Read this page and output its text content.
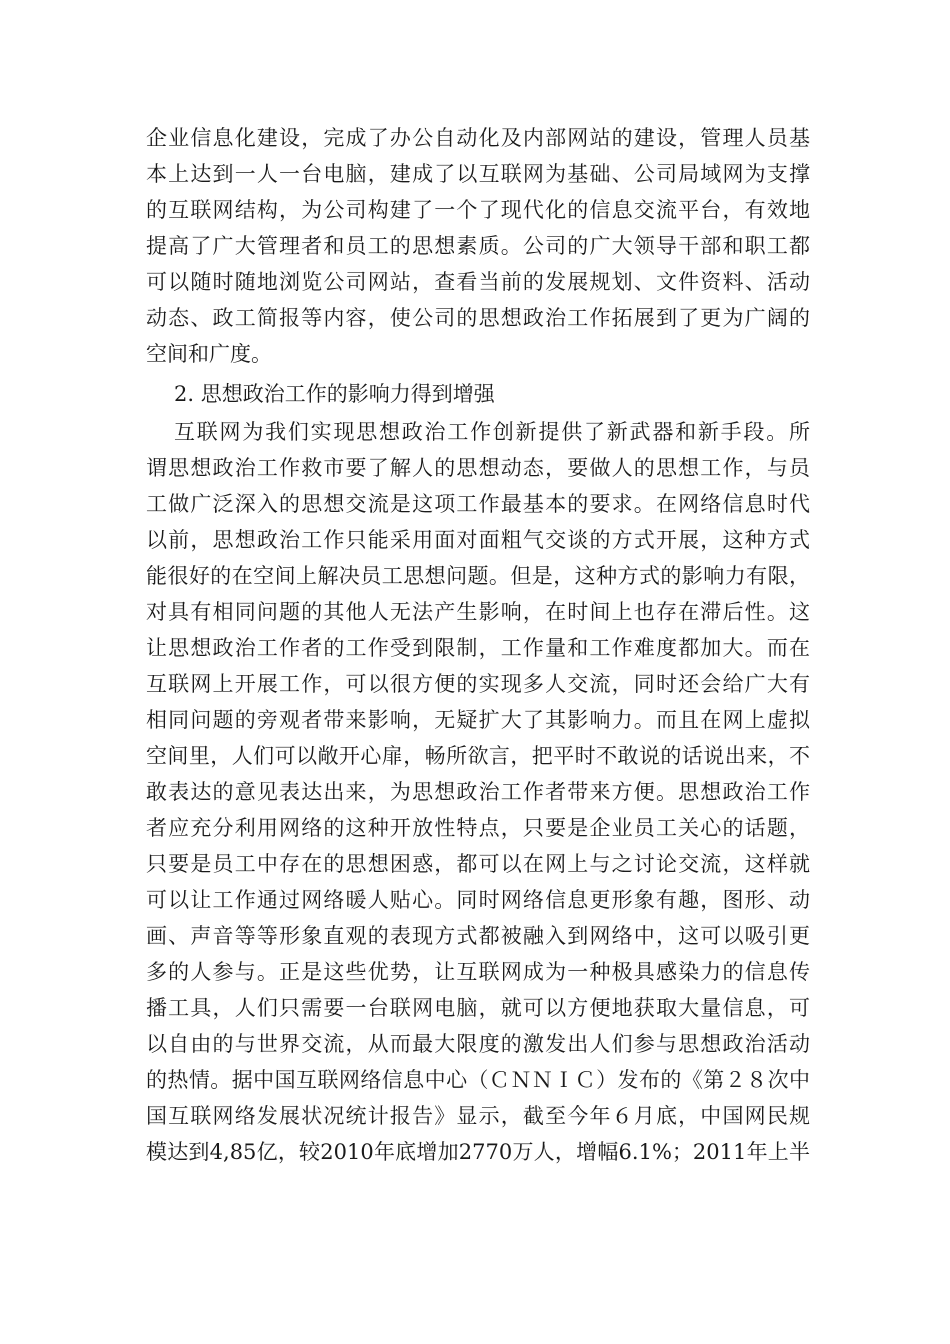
企业信息化建设，完成了办公自动化及内部网站的建设，管理人员基
本上达到一人一台电脑，建成了以互联网为基础、公司局域网为支撑
的互联网结构，为公司构建了一个了现代化的信息交流平台，有效地
提高了广大管理者和员工的思想素质。公司的广大领导干部和职工都
可以随时随地浏览公司网站，查看当前的发展规划、文件资料、活动
动态、政工简报等内容，使公司的思想政治工作拓展到了更为广阔的
空间和广度。
2. 思想政治工作的影响力得到增强
互联网为我们实现思想政治工作创新提供了新武器和新手段。所
谓思想政治工作救市要了解人的思想动态，要做人的思想工作，与员
工做广泛深入的思想交流是这项工作最基本的要求。在网络信息时代
以前，思想政治工作只能采用面对面粗气交谈的方式开展，这种方式
能很好的在空间上解决员工思想问题。但是，这种方式的影响力有限，
对具有相同问题的其他人无法产生影响，在时间上也存在滞后性。这
让思想政治工作者的工作受到限制，工作量和工作难度都加大。而在
互联网上开展工作，可以很方便的实现多人交流，同时还会给广大有
相同问题的旁观者带来影响，无疑扩大了其影响力。而且在网上虚拟
空间里，人们可以敞开心扉，畅所欲言，把平时不敢说的话说出来，不
敢表达的意见表达出来，为思想政治工作者带来方便。思想政治工作
者应充分利用网络的这种开放性特点，只要是企业员工关心的话题，
只要是员工中存在的思想困惑，都可以在网上与之讨论交流，这样就
可以让工作通过网络暖人贴心。同时网络信息更形象有趣，图形、动
画、声音等等形象直观的表现方式都被融入到网络中，这可以吸引更
多的人参与。正是这些优势，让互联网成为一种极具感染力的信息传
播工具，人们只需要一台联网电脑，就可以方便地获取大量信息，可
以自由的与世界交流，从而最大限度的激发出人们参与思想政治活动
的热情。据中国互联网络信息中心（ＣＮＮＩＣ）发布的《第２８次中
国互联网络发展状况统计报告》显示，截至今年６月底，中国网民规
模达到4,85亿，较2010年底增加2770万人，增幅6.1%；2011年上半
